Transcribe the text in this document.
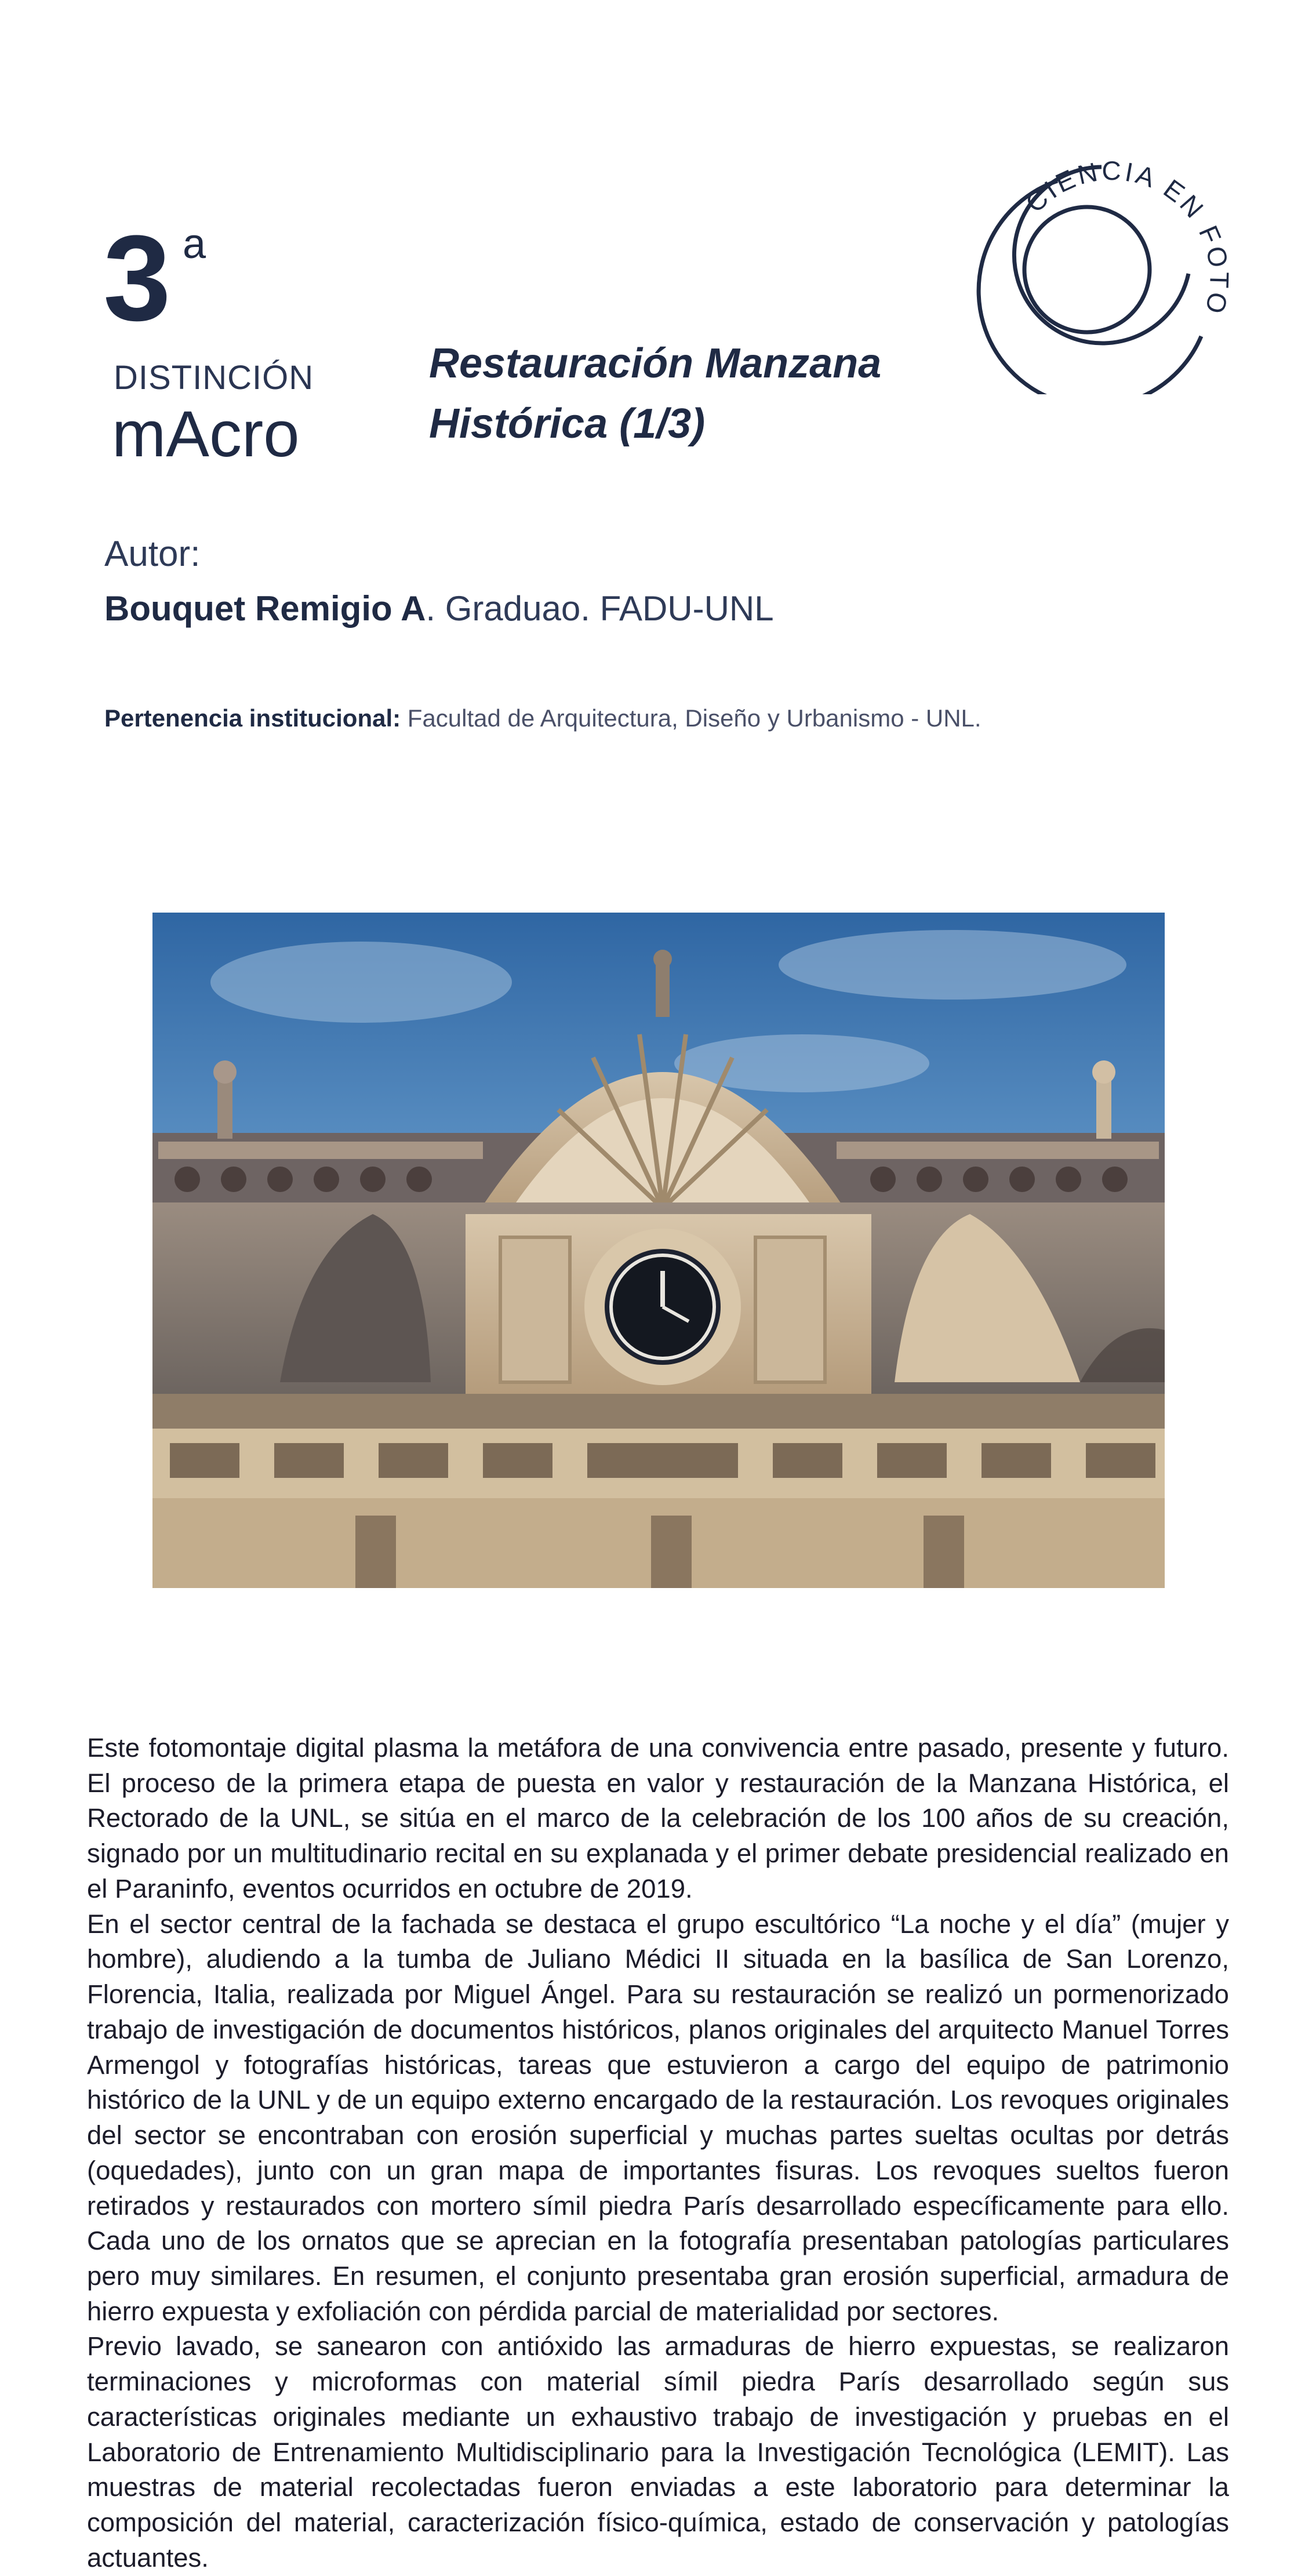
3 a
DISTINCIÓN
mAcro
Restauración Manzana
Histórica (1/3)
CIENCIA EN FOTO
Autor:
Bouquet Remigio A. Graduao. FADU-UNL
Pertenencia institucional: Facultad de Arquitectura, Diseño y Urbanismo - UNL.

Este fotomontaje digital plasma la metáfora de una convivencia entre pasado, presente y futuro. El proceso de la primera etapa de puesta en valor y restauración de la Manzana Histórica, el Rectorado de la UNL, se sitúa en el marco de la celebración de los 100 años de su creación, signado por un multitudinario recital en su explanada y el primer debate presidencial realizado en el Paraninfo, eventos ocurridos en octubre de 2019.

En el sector central de la fachada se destaca el grupo escultórico “La noche y el día” (mujer y hombre), aludiendo a la tumba de Juliano Médici II situada en la basílica de San Lorenzo, Florencia, Italia, realizada por Miguel Ángel. Para su restauración se realizó un pormenorizado trabajo de investigación de documentos históricos, planos originales del arquitecto Manuel Torres Armengol y fotografías históricas, tareas que estuvieron a cargo del equipo de patrimonio histórico de la UNL y de un equipo externo encargado de la restauración. Los revoques originales del sector se encontraban con erosión superficial y muchas partes sueltas ocultas por detrás (oquedades), junto con un gran mapa de importantes fisuras. Los revoques sueltos fueron retirados y restaurados con mortero símil piedra París desarrollado específicamente para ello. Cada uno de los ornatos que se aprecian en la fotografía presentaban patologías particulares pero muy similares. En resumen, el conjunto presentaba gran erosión superficial, armadura de hierro expuesta y exfoliación con pérdida parcial de materialidad por sectores.

Previo lavado, se sanearon con antióxido las armaduras de hierro expuestas, se realizaron terminaciones y microformas con material símil piedra París desarrollado según sus características originales mediante un exhaustivo trabajo de investigación y pruebas en el Laboratorio de Entrenamiento Multidisciplinario para la Investigación Tecnológica (LEMIT). Las muestras de material recolectadas fueron enviadas a este laboratorio para determinar la composición del material, caracterización físico-química, estado de conservación y patologías actuantes.
